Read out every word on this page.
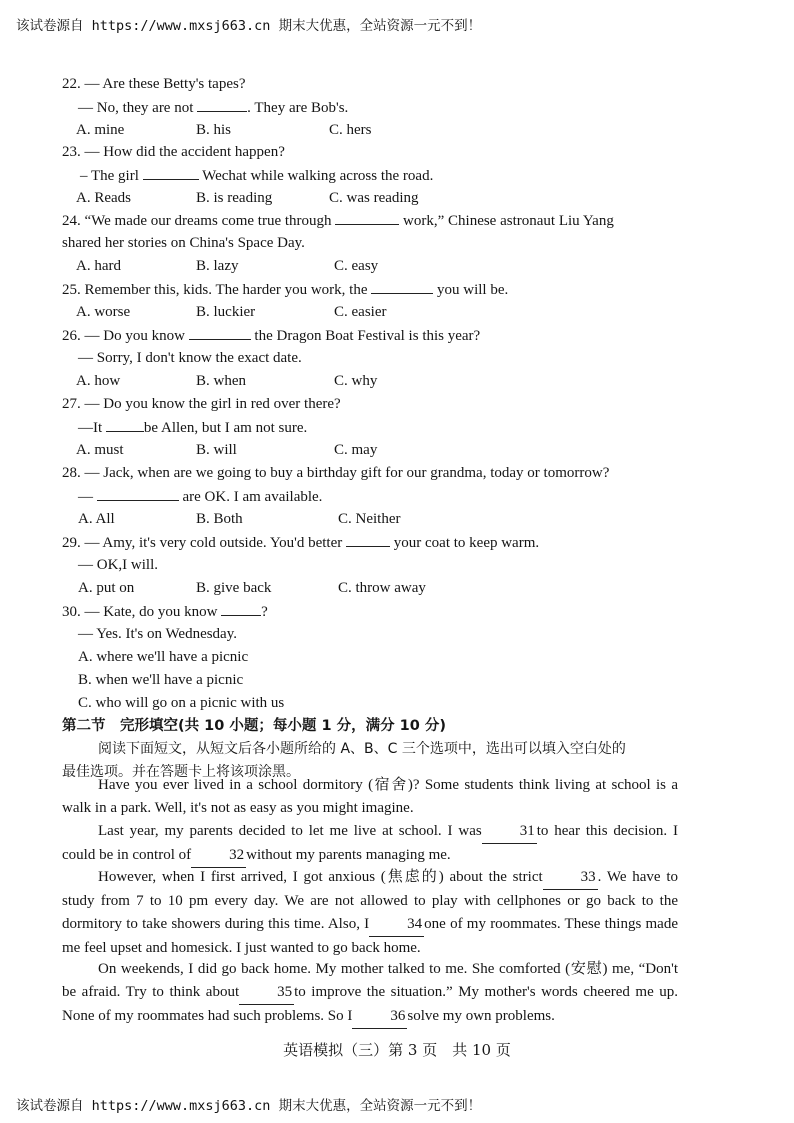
该试卷源自 https://www.mxsj663.cn 期末大优惠，全站资源一元不到！
22. — Are these Betty's tapes?
— No, they are not	. They are Bob's.
A. mine	B. his	C. hers
23. — How did the accident happen?
– The girl	Wechat while walking across the road.
A. Reads	B. is reading	C. was reading
24. “We made our dreams come true through	work,” Chinese astronaut Liu Yang
shared her stories on China's Space Day.
A. hard	B. lazy	C. easy
25. Remember this, kids. The harder you work, the	you will be.
A. worse	B. luckier	C. easier
26. — Do you know	the Dragon Boat Festival is this year?
— Sorry, I don't know the exact date.
A. how	B. when	C. why
27. — Do you know the girl in red over there?
—It	be Allen, but I am not sure.
A. must	B. will	C. may
28. — Jack, when are we going to buy a birthday gift for our grandma, today or tomorrow?
—	are OK. I am available.
A. All	B. Both	C. Neither
29. — Amy, it's very cold outside. You'd better	your coat to keep warm.
— OK,I will.
A. put on	B. give back	C. throw away
30. — Kate, do you know	?
— Yes. It's on Wednesday.
A. where we'll have a picnic
B. when we'll have a picnic
C. who will go on a picnic with us
第二节　完形填空(共 10 小题；每小题 1 分，满分 10 分)
阅读下面短文，从短文后各小题所给的 A、B、C 三个选项中，选出可以填入空白处的
最佳选项。并在答题卡上将该项涂黑。

Have you ever lived in a school dormitory (宿舍)? Some students think living at school is a walk in a park. Well, it's not as easy as you might imagine.

Last year, my parents decided to let me live at school. I was	31 to hear this decision. I could be in control of	32 without my parents managing me.

However, when I first arrived, I got anxious (焦虑的) about the strict	33 . We have to study from 7 to 10 pm every day. We are not allowed to play with cellphones or go back to the dormitory to take showers during this time. Also, I	34 one of my roommates. These things made me feel upset and homesick. I just wanted to go back home.

On weekends, I did go back home. My mother talked to me. She comforted (安慰) me, “Don't be afraid. Try to think about	35 to improve the situation.” My mother's words cheered me up. None of my roommates had such problems. So I	36 solve my own problems.

英语模拟（三）第 3 页　共 10 页
该试卷源自 https://www.mxsj663.cn 期末大优惠，全站资源一元不到！
